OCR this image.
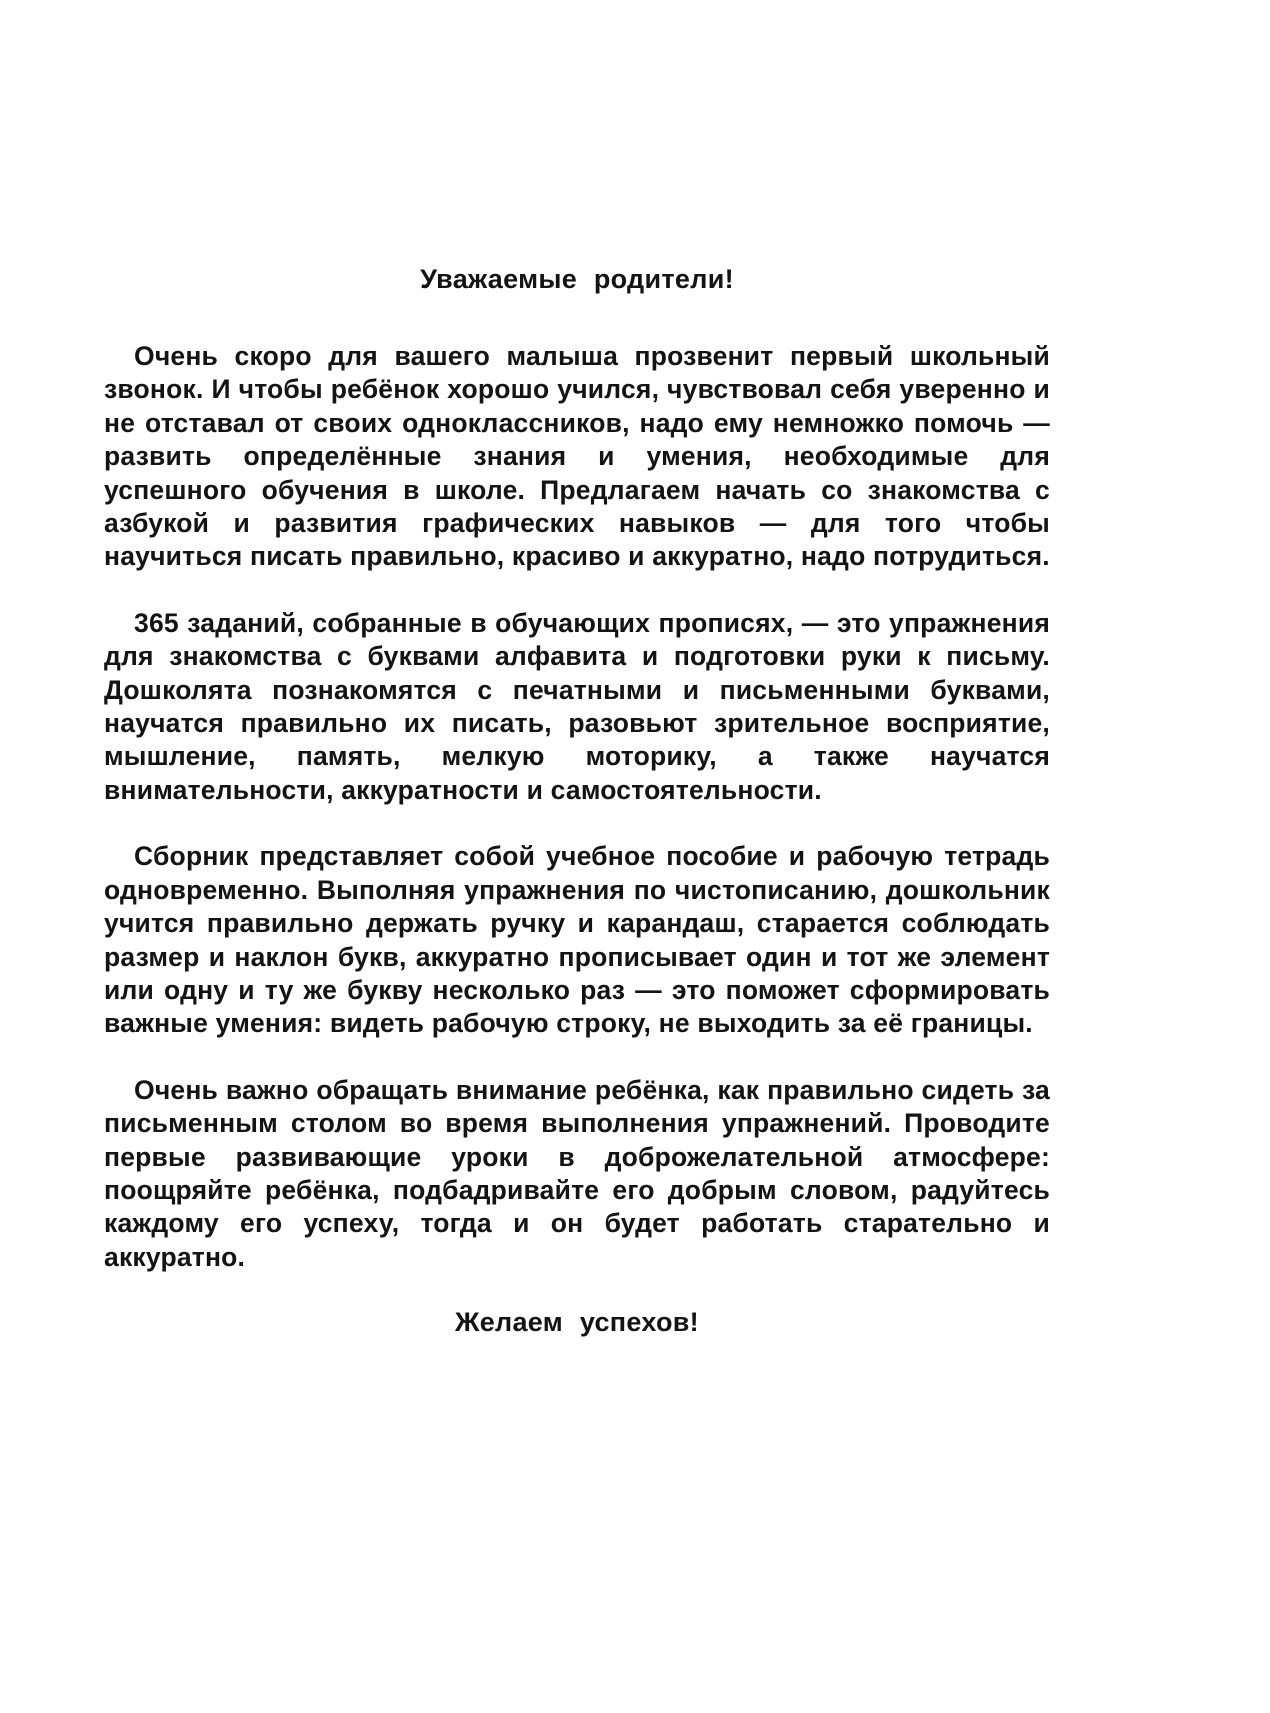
Уважаемые родители!

Очень скоро для вашего малыша прозвенит первый школьный звонок. И чтобы ребёнок хорошо учился, чувствовал себя уверенно и не отставал от своих одноклассников, надо ему немножко помочь — развить определённые знания и умения, необходимые для успешного обучения в школе. Предлагаем начать со знакомства с азбукой и развития графических навыков — для того чтобы научиться писать правильно, красиво и аккуратно, надо потрудиться.

365 заданий, собранные в обучающих прописях, — это упражнения для знакомства с буквами алфавита и подготовки руки к письму. Дошколята познакомятся с печатными и письменными буквами, научатся правильно их писать, разовьют зрительное восприятие, мышление, память, мелкую моторику, а также научатся внимательности, аккуратности и самостоятельности.

Сборник представляет собой учебное пособие и рабочую тетрадь одновременно. Выполняя упражнения по чистописанию, дошкольник учится правильно держать ручку и карандаш, старается соблюдать размер и наклон букв, аккуратно прописывает один и тот же элемент или одну и ту же букву несколько раз — это поможет сформировать важные умения: видеть рабочую строку, не выходить за её границы.

Очень важно обращать внимание ребёнка, как правильно сидеть за письменным столом во время выполнения упражнений. Проводите первые развивающие уроки в доброжелательной атмосфере: поощряйте ребёнка, подбадривайте его добрым словом, радуйтесь каждому его успеху, тогда и он будет работать старательно и аккуратно.

Желаем успехов!
